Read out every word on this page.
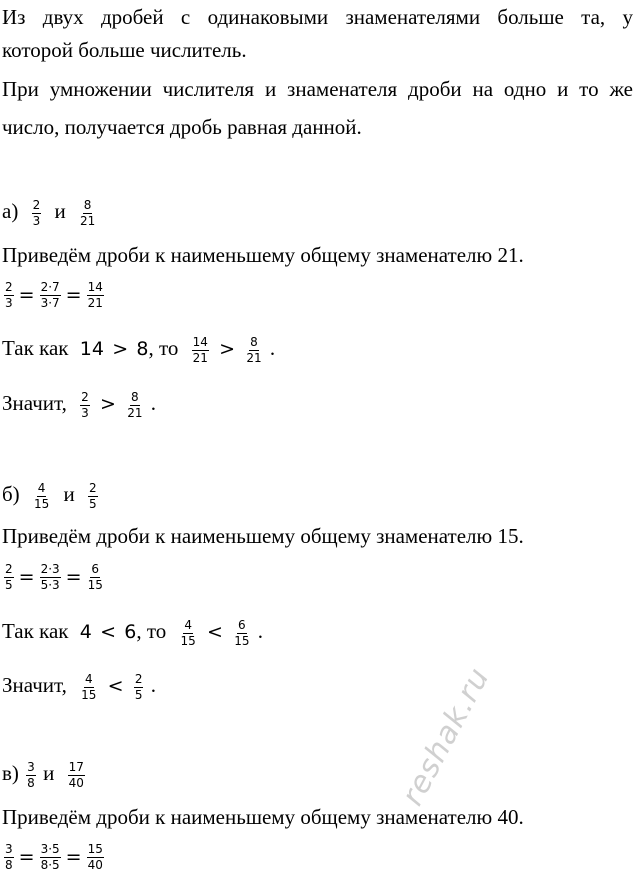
Из двух дробей с одинаковыми знаменателями больше та, у
которой больше числитель.
При умножении числителя и знаменателя дроби на одно и то же
число, получается дробь равная данной.
$а) \frac{2}{3}$ и $\frac{8}{21}$
Приведём дроби к наименьшему общему знаменателю 21.
$\frac{2}{3} = \frac{2\cdot 7}{3\cdot 7} = \frac{14}{21}$
Так как 14 > 8, то $\frac{14}{21} > \frac{8}{21}$ .
Значит, $\frac{2}{3} > \frac{8}{21}$ .
$б) \frac{4}{15}$ и $\frac{2}{5}$
Приведём дроби к наименьшему общему знаменателю 15.
$\frac{2}{5} = \frac{2\cdot 3}{5\cdot 3} = \frac{6}{15}$
Так как 4 < 6, то $\frac{4}{15} < \frac{6}{15}$ .
Значит, $\frac{4}{15} < \frac{2}{5}$ .
$в) \frac{3}{8}$ и $\frac{17}{40}$
Приведём дроби к наименьшему общему знаменателю 40.
$\frac{3}{8} = \frac{3\cdot 5}{8\cdot 5} = \frac{15}{40}$
reshak.ru
